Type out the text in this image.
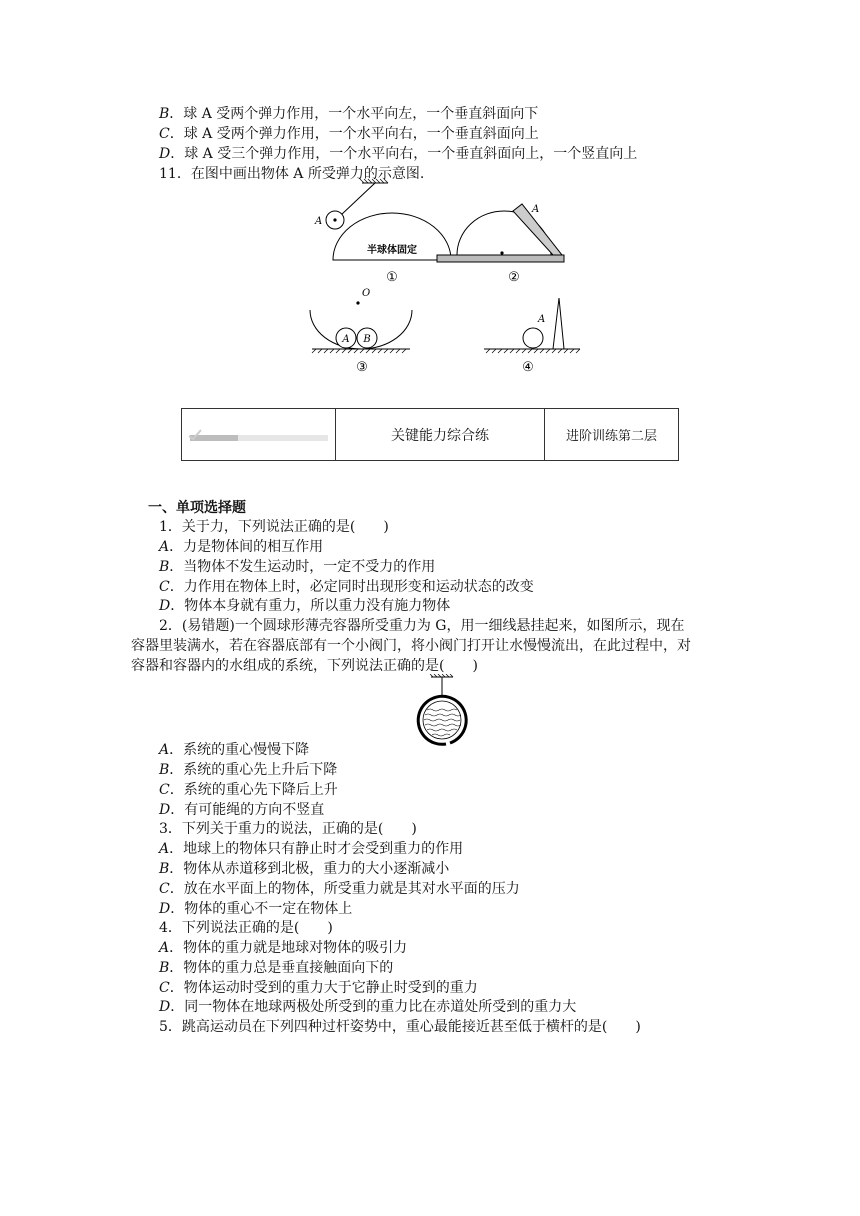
B．球 A 受两个弹力作用，一个水平向左，一个垂直斜面向下
C．球 A 受两个弹力作用，一个水平向右，一个垂直斜面向上
D．球 A 受三个弹力作用，一个水平向右，一个垂直斜面向上，一个竖直向上
11．在图中画出物体 A 所受弹力的示意图.
A
半球体固定
①
A
②
O
A B
③
A
④
关键能力综合练	进阶训练第二层
一、单项选择题
1．关于力，下列说法正确的是(　　)
A．力是物体间的相互作用
B．当物体不发生运动时，一定不受力的作用
C．力作用在物体上时，必定同时出现形变和运动状态的改变
D．物体本身就有重力，所以重力没有施力物体
2．(易错题)一个圆球形薄壳容器所受重力为 G，用一细线悬挂起来，如图所示，现在
容器里装满水，若在容器底部有一个小阀门，将小阀门打开让水慢慢流出，在此过程中，对
容器和容器内的水组成的系统，下列说法正确的是(　　)
A．系统的重心慢慢下降
B．系统的重心先上升后下降
C．系统的重心先下降后上升
D．有可能绳的方向不竖直
3．下列关于重力的说法，正确的是(　　)
A．地球上的物体只有静止时才会受到重力的作用
B．物体从赤道移到北极，重力的大小逐渐减小
C．放在水平面上的物体，所受重力就是其对水平面的压力
D．物体的重心不一定在物体上
4．下列说法正确的是(　　)
A．物体的重力就是地球对物体的吸引力
B．物体的重力总是垂直接触面向下的
C．物体运动时受到的重力大于它静止时受到的重力
D．同一物体在地球两极处所受到的重力比在赤道处所受到的重力大
5．跳高运动员在下列四种过杆姿势中，重心最能接近甚至低于横杆的是(　　)
